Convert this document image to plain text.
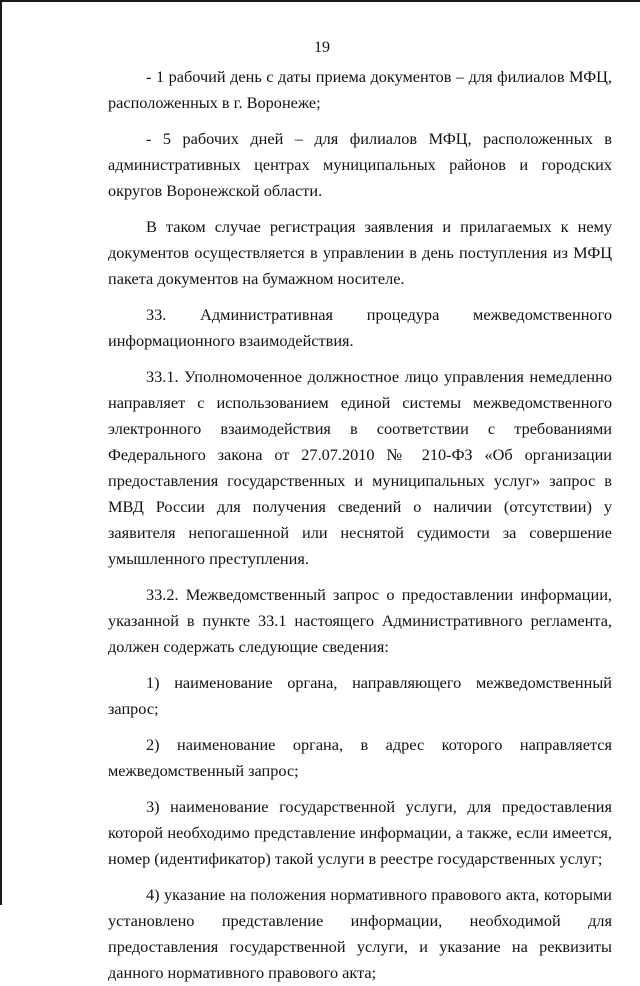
19

- 1 рабочий день с даты приема документов – для филиалов МФЦ, расположенных в г. Воронеже;

- 5 рабочих дней – для филиалов МФЦ, расположенных в административных центрах муниципальных районов и городских округов Воронежской области.

В таком случае регистрация заявления и прилагаемых к нему документов осуществляется в управлении в день поступления из МФЦ пакета документов на бумажном носителе.

33. Административная процедура межведомственного информационного взаимодействия.

33.1. Уполномоченное должностное лицо управления немедленно направляет с использованием единой системы межведомственного электронного взаимодействия в соответствии с требованиями Федерального закона от 27.07.2010 № 210-ФЗ «Об организации предоставления государственных и муниципальных услуг» запрос в МВД России для получения сведений о наличии (отсутствии) у заявителя непогашенной или неснятой судимости за совершение умышленного преступления.

33.2. Межведомственный запрос о предоставлении информации, указанной в пункте 33.1 настоящего Административного регламента, должен содержать следующие сведения:

1) наименование органа, направляющего межведомственный запрос;

2) наименование органа, в адрес которого направляется межведомственный запрос;

3) наименование государственной услуги, для предоставления которой необходимо представление информации, а также, если имеется, номер (идентификатор) такой услуги в реестре государственных услуг;

4) указание на положения нормативного правового акта, которыми установлено представление информации, необходимой для предоставления государственной услуги, и указание на реквизиты данного нормативного правового акта;
